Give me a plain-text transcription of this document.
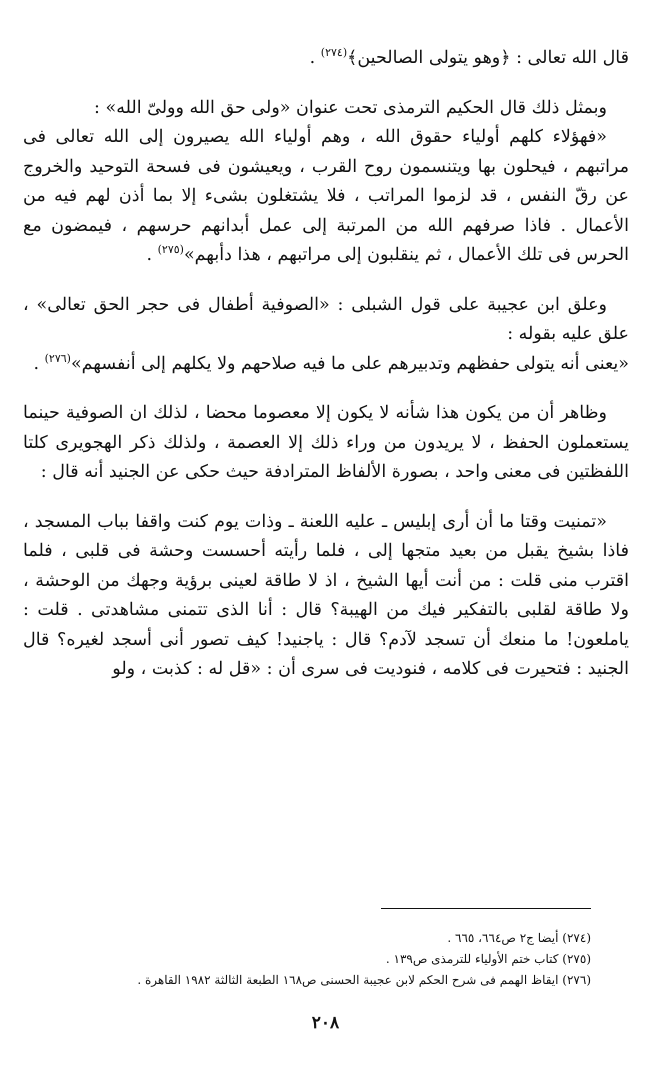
قال الله تعالى : ﴿وهو يتولى الصالحين﴾$^{(٢٧٤)}$ .

وبمثل ذلك قال الحكيم الترمذى تحت عنوان «ولى حق الله وولىّ الله» :

«فهؤلاء كلهم أولياء حقوق الله ، وهم أولياء الله يصيرون إلى الله تعالى فى مراتبهم ، فيحلون بها ويتنسمون روح القرب ، ويعيشون فى فسحة التوحيد والخروج عن رقّ النفس ، قد لزموا المراتب ، فلا يشتغلون بشىء إلا بما أذن لهم فيه من الأعمال . فاذا صرفهم الله من المرتبة إلى عمل أبدانهم حرسهم ، فيمضون مع الحرس فى تلك الأعمال ، ثم ينقلبون إلى مراتبهم ، هذا دأبهم»$^{(٢٧٥)}$ .

وعلق ابن عجيبة على قول الشبلى : «الصوفية أطفال فى حجر الحق تعالى» ، علق عليه بقوله :

«يعنى أنه يتولى حفظهم وتدبيرهم على ما فيه صلاحهم ولا يكلهم إلى أنفسهم»$^{(٢٧٦)}$ .

وظاهر أن من يكون هذا شأنه لا يكون إلا معصوما محضا ، لذلك ان الصوفية حينما يستعملون الحفظ ، لا يريدون من وراء ذلك إلا العصمة ، ولذلك ذكر الهجويرى كلتا اللفظتين فى معنى واحد ، بصورة الألفاظ المترادفة حيث حكى عن الجنيد أنه قال :

«تمنيت وقتا ما أن أرى إبليس ـ عليه اللعنة ـ وذات يوم كنت واقفا بباب المسجد ، فاذا بشيخ يقبل من بعيد متجها إلى ، فلما رأيته أحسست وحشة فى قلبى ، فلما اقترب منى قلت : من أنت أيها الشيخ ، اذ لا طاقة لعينى برؤية وجهك من الوحشة ، ولا طاقة لقلبى بالتفكير فيك من الهيبة؟ قال : أنا الذى تتمنى مشاهدتى . قلت : ياملعون! ما منعك أن تسجد لآدم؟ قال : ياجنيد! كيف تصور أنى أسجد لغيره؟ قال الجنيد : فتحيرت فى كلامه ، فنوديت فى سرى أن : «قل له : كذبت ، ولو

(٢٧٤) أيضا ج٢ ص٦٦٤، ٦٦٥ .

(٢٧٥) كتاب ختم الأولياء للترمذى ص١٣٩ .

(٢٧٦) ايقاظ الهمم فى شرح الحكم لابن عجيبة الحسنى ص١٦٨ الطبعة الثالثة ١٩٨٢ القاهرة .

٢٠٨
